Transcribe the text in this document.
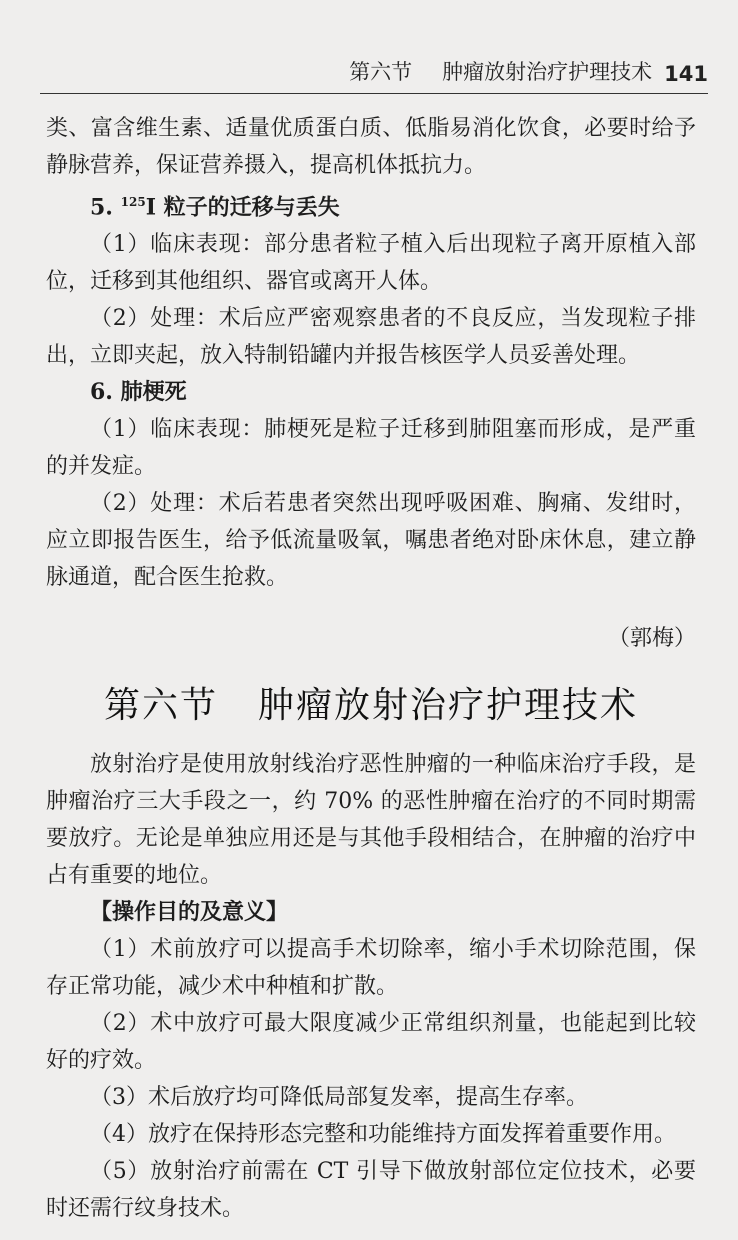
第六节 肿瘤放射治疗护理技术 141

类、富含维生素、适量优质蛋白质、低脂易消化饮食，必要时给予静脉营养，保证营养摄入，提高机体抵抗力。

5. $^{125}$I 粒子的迁移与丢失

（1）临床表现：部分患者粒子植入后出现粒子离开原植入部位，迁移到其他组织、器官或离开人体。

（2）处理：术后应严密观察患者的不良反应，当发现粒子排出，立即夹起，放入特制铅罐内并报告核医学人员妥善处理。

6. 肺梗死

（1）临床表现：肺梗死是粒子迁移到肺阻塞而形成，是严重的并发症。

（2）处理：术后若患者突然出现呼吸困难、胸痛、发绀时，应立即报告医生，给予低流量吸氧，嘱患者绝对卧床休息，建立静脉通道，配合医生抢救。

（郭梅）

第六节 肿瘤放射治疗护理技术

放射治疗是使用放射线治疗恶性肿瘤的一种临床治疗手段，是肿瘤治疗三大手段之一，约 70% 的恶性肿瘤在治疗的不同时期需要放疗。无论是单独应用还是与其他手段相结合，在肿瘤的治疗中占有重要的地位。

【操作目的及意义】

（1）术前放疗可以提高手术切除率，缩小手术切除范围，保存正常功能，减少术中种植和扩散。

（2）术中放疗可最大限度减少正常组织剂量，也能起到比较好的疗效。

（3）术后放疗均可降低局部复发率，提高生存率。

（4）放疗在保持形态完整和功能维持方面发挥着重要作用。

（5）放射治疗前需在 CT 引导下做放射部位定位技术，必要时还需行纹身技术。
